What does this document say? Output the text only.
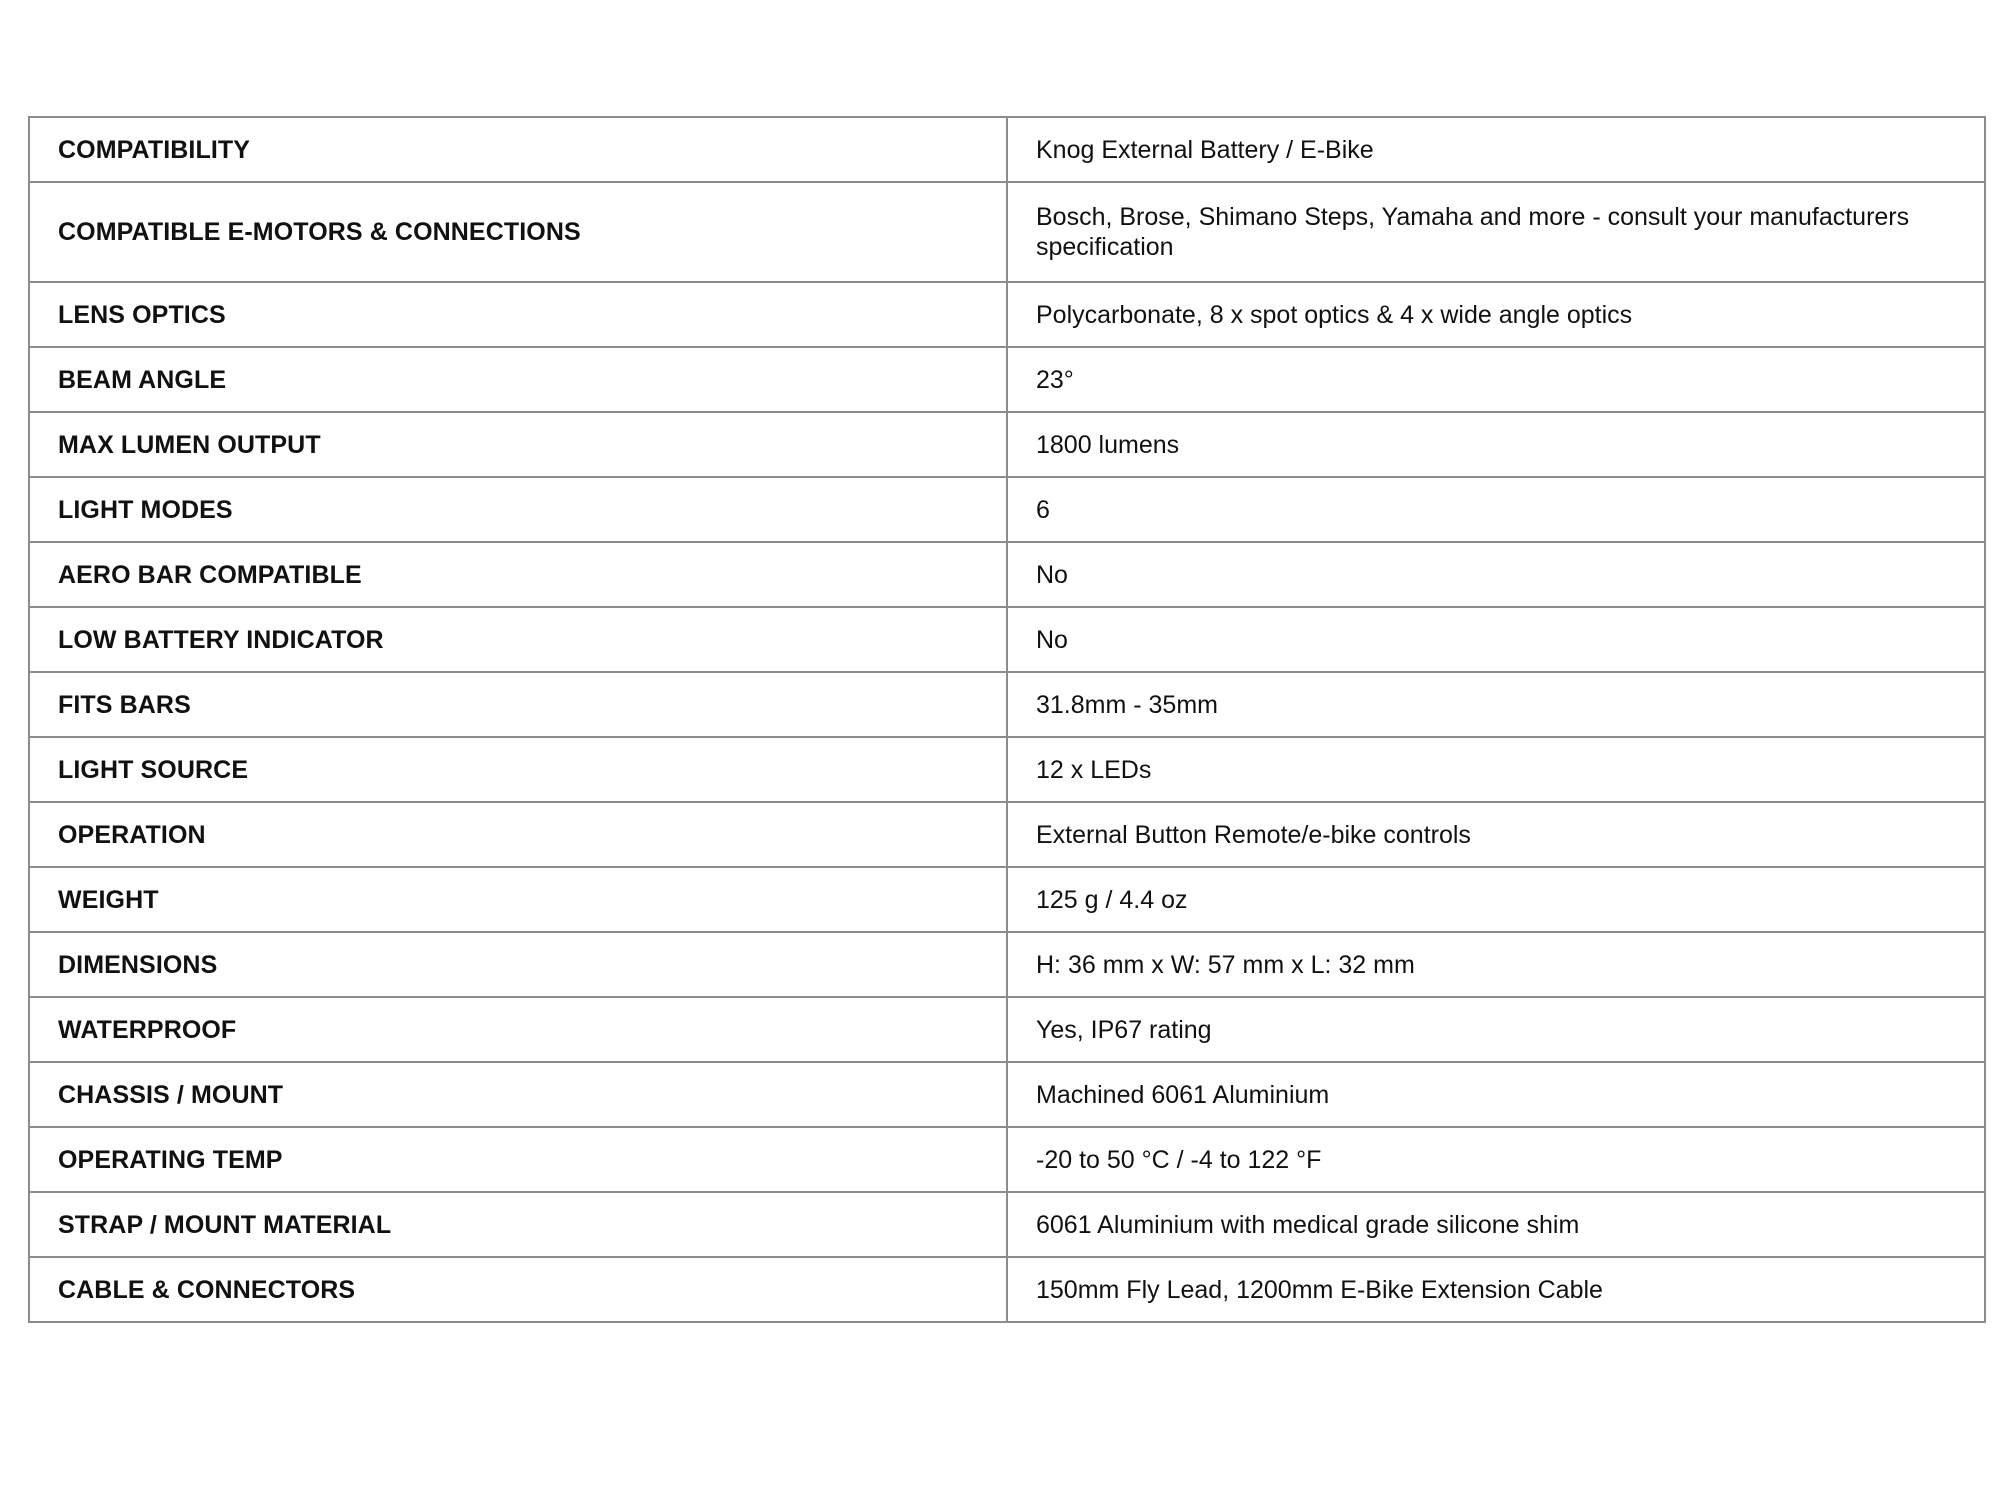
COMPATIBILITY	Knog External Battery / E-Bike
COMPATIBLE E-MOTORS & CONNECTIONS	Bosch, Brose, Shimano Steps, Yamaha and more - consult your manufacturers specification
LENS OPTICS	Polycarbonate, 8 x spot optics & 4 x wide angle optics
BEAM ANGLE	23°
MAX LUMEN OUTPUT	1800 lumens
LIGHT MODES	6
AERO BAR COMPATIBLE	No
LOW BATTERY INDICATOR	No
FITS BARS	31.8mm - 35mm
LIGHT SOURCE	12 x LEDs
OPERATION	External Button Remote/e-bike controls
WEIGHT	125 g / 4.4 oz
DIMENSIONS	H: 36 mm x W: 57 mm x L: 32 mm
WATERPROOF	Yes, IP67 rating
CHASSIS / MOUNT	Machined 6061 Aluminium
OPERATING TEMP	-20 to 50 °C / -4 to 122 °F
STRAP / MOUNT MATERIAL	6061 Aluminium with medical grade silicone shim
CABLE & CONNECTORS	150mm Fly Lead, 1200mm E-Bike Extension Cable
